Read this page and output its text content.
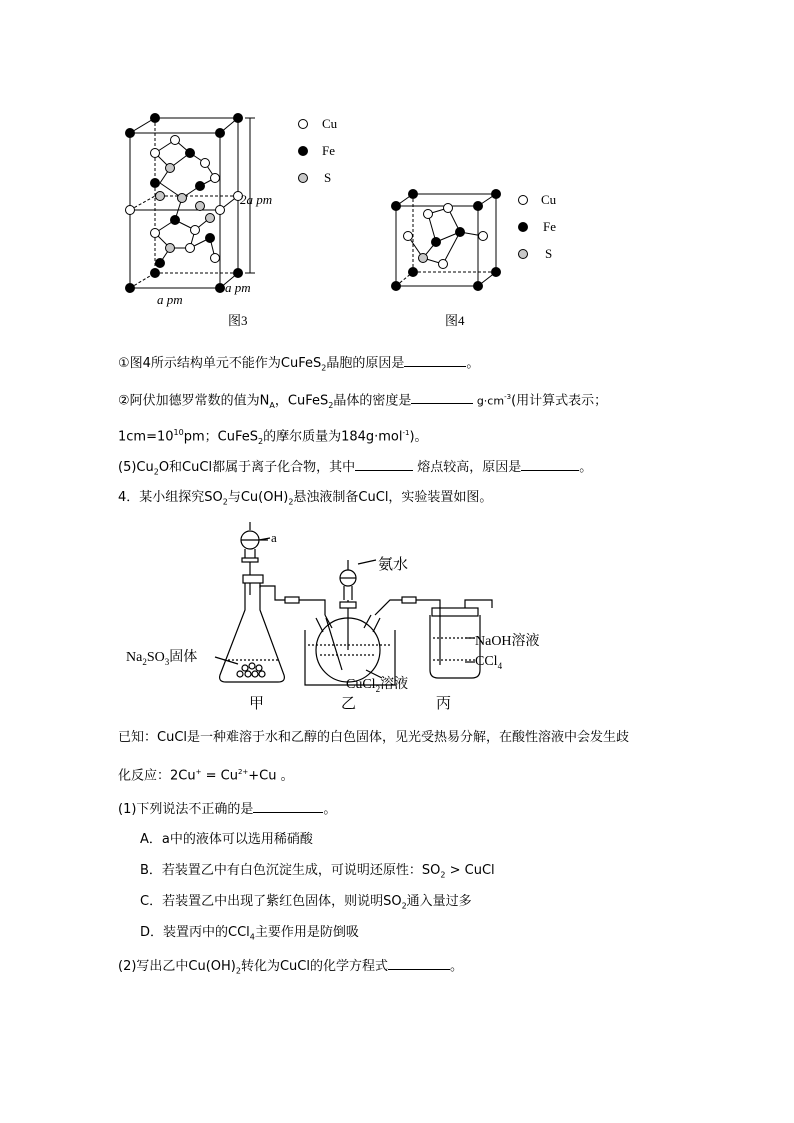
2a pm
a pm
a pm
图3
Cu
Fe
S
图4
Cu
Fe
S
①图4所示结构单元不能作为CuFeS$_2$晶胞的原因是	。
②阿伏加德罗常数的值为$N_A$，CuFeS$_2$晶体的密度是	$g\cdot cm^{-3}$(用计算式表示；
$1cm=10^{10}pm$；CuFeS$_2$的摩尔质量为184g·mol$^{-1}$)。
$(5)Cu_2O$和CuCl都属于离子化合物，其中	熔点较高，原因是	。
4．某小组探究$SO_2$与$Cu(OH)_2$悬浊液制备CuCl，实验装置如图。
a
氨水
$Na_2SO_3$固体
CuCl$_2$溶液
NaOH溶液
CCl$_4$
甲	乙	丙
已知：CuCl是一种难溶于水和乙醇的白色固体，见光受热易分解，在酸性溶液中会发生歧
化反应：$2Cu^+ = Cu^{2+}+Cu$ 。
(1)下列说法不正确的是	。
A．a中的液体可以选用稀硝酸
B．若装置乙中有白色沉淀生成，可说明还原性：$SO_2$ > CuCl
C．若装置乙中出现了紫红色固体，则说明$SO_2$通入量过多
D．装置丙中的CCl$_4$主要作用是防倒吸
(2)写出乙中$Cu(OH)_2$转化为CuCl的化学方程式	。
